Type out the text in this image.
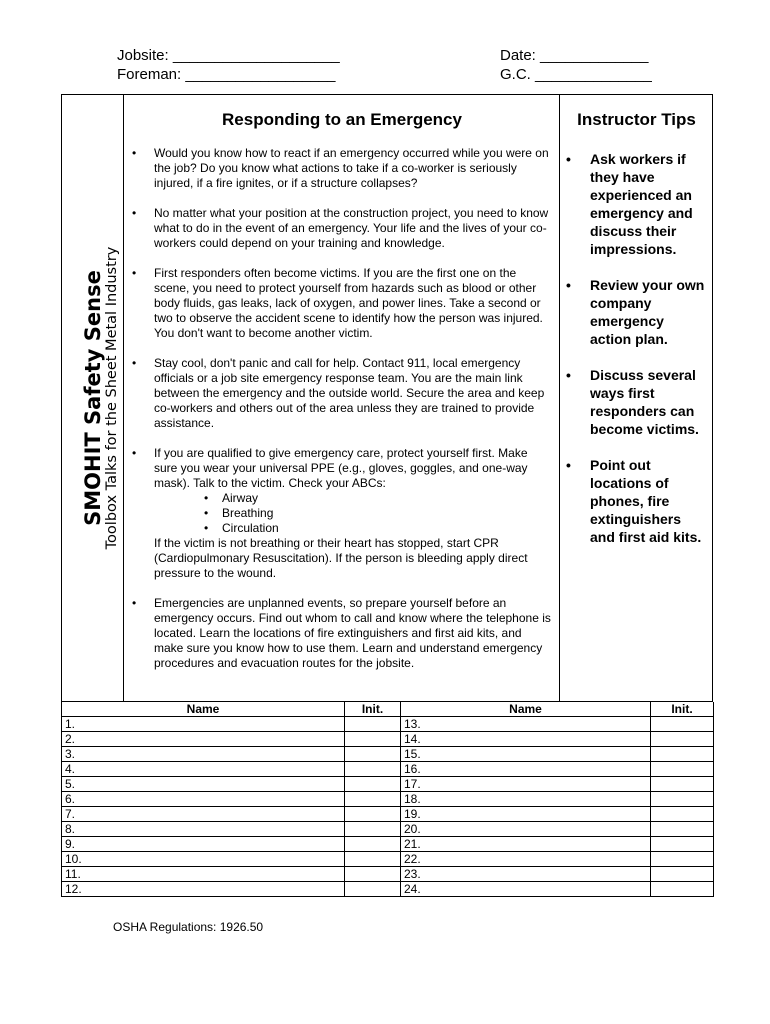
Jobsite: ____________________
Foreman: __________________
Date: _____________
G.C. ______________
SMOHIT Safety Sense Toolbox Talks for the Sheet Metal Industry
Responding to an Emergency
• Would you know how to react if an emergency occurred while you were on the job? Do you know what actions to take if a co-worker is seriously injured, if a fire ignites, or if a structure collapses?
• No matter what your position at the construction project, you need to know what to do in the event of an emergency. Your life and the lives of your co-workers could depend on your training and knowledge.
• First responders often become victims. If you are the first one on the scene, you need to protect yourself from hazards such as blood or other body fluids, gas leaks, lack of oxygen, and power lines. Take a second or two to observe the accident scene to identify how the person was injured. You don't want to become another victim.
• Stay cool, don't panic and call for help. Contact 911, local emergency officials or a job site emergency response team. You are the main link between the emergency and the outside world. Secure the area and keep co-workers and others out of the area unless they are trained to provide assistance.
• If you are qualified to give emergency care, protect yourself first. Make sure you wear your universal PPE (e.g., gloves, goggles, and one-way mask). Talk to the victim. Check your ABCs:
• Airway
• Breathing
• Circulation
If the victim is not breathing or their heart has stopped, start CPR (Cardiopulmonary Resuscitation). If the person is bleeding apply direct pressure to the wound.
• Emergencies are unplanned events, so prepare yourself before an emergency occurs. Find out whom to call and know where the telephone is located. Learn the locations of fire extinguishers and first aid kits, and make sure you know how to use them. Learn and understand emergency procedures and evacuation routes for the jobsite.
Instructor Tips
• Ask workers if they have experienced an emergency and discuss their impressions.
• Review your own company emergency action plan.
• Discuss several ways first responders can become victims.
• Point out locations of phones, fire extinguishers and first aid kits.
Name	Init.	Name	Init.
1.		13.	
2.		14.	
3.		15.	
4.		16.	
5.		17.	
6.		18.	
7.		19.	
8.		20.	
9.		21.	
10.		22.	
11.		23.	
12.		24.	
OSHA Regulations: 1926.50
